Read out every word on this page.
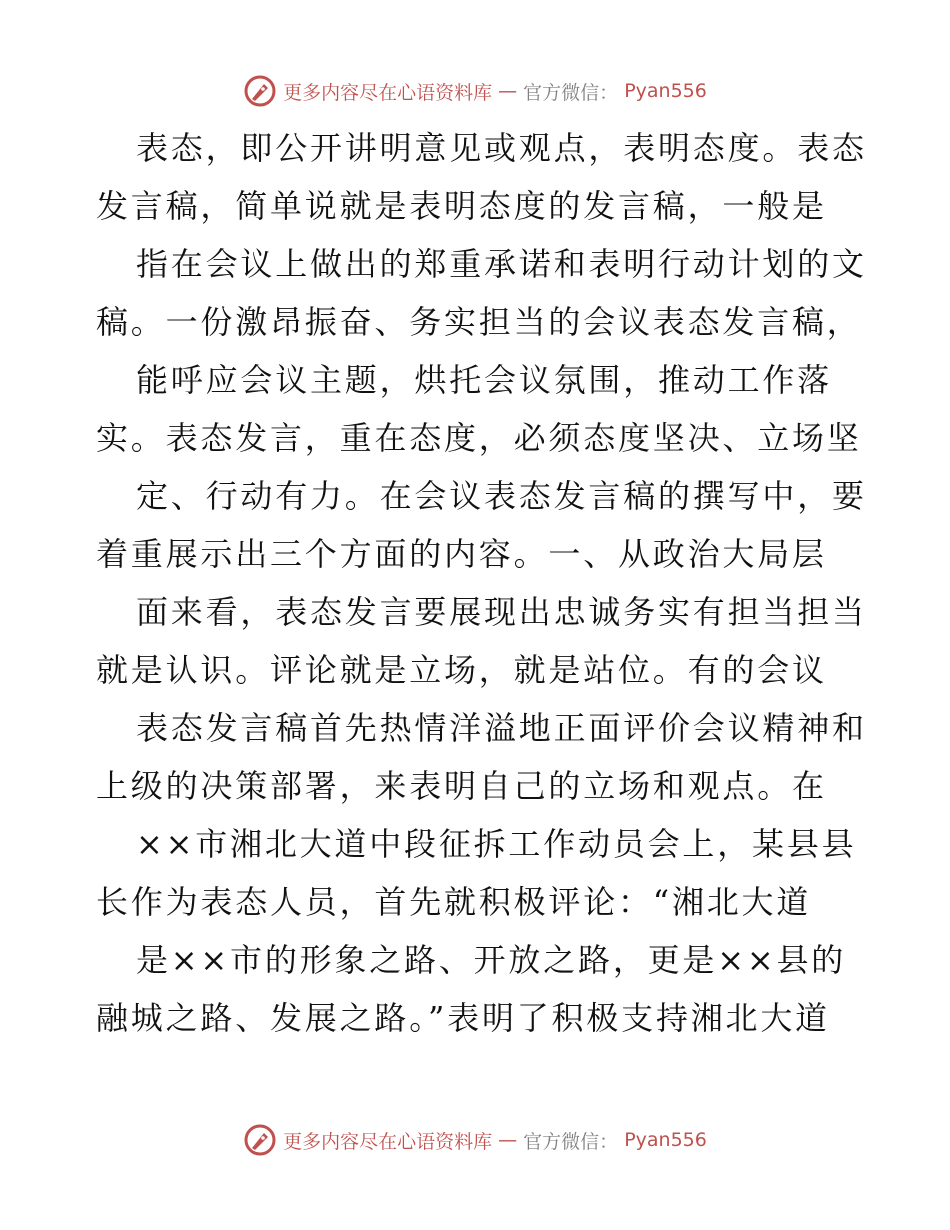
更多内容尽在心语资料库 — 官方微信： Pyan556
表态，即公开讲明意见或观点，表明态度。表态
发言稿，简单说就是表明态度的发言稿，一般是
指在会议上做出的郑重承诺和表明行动计划的文
稿。一份激昂振奋、务实担当的会议表态发言稿，
能呼应会议主题，烘托会议氛围，推动工作落
实。表态发言，重在态度，必须态度坚决、立场坚
定、行动有力。在会议表态发言稿的撰写中，要
着重展示出三个方面的内容。一、从政治大局层
面来看，表态发言要展现出忠诚务实有担当担当
就是认识。评论就是立场，就是站位。有的会议
表态发言稿首先热情洋溢地正面评价会议精神和
上级的决策部署，来表明自己的立场和观点。在
××市湘北大道中段征拆工作动员会上，某县县
长作为表态人员，首先就积极评论：“湘北大道
是××市的形象之路、开放之路，更是××县的
融城之路、发展之路。”表明了积极支持湘北大道
更多内容尽在心语资料库 — 官方微信： Pyan556
